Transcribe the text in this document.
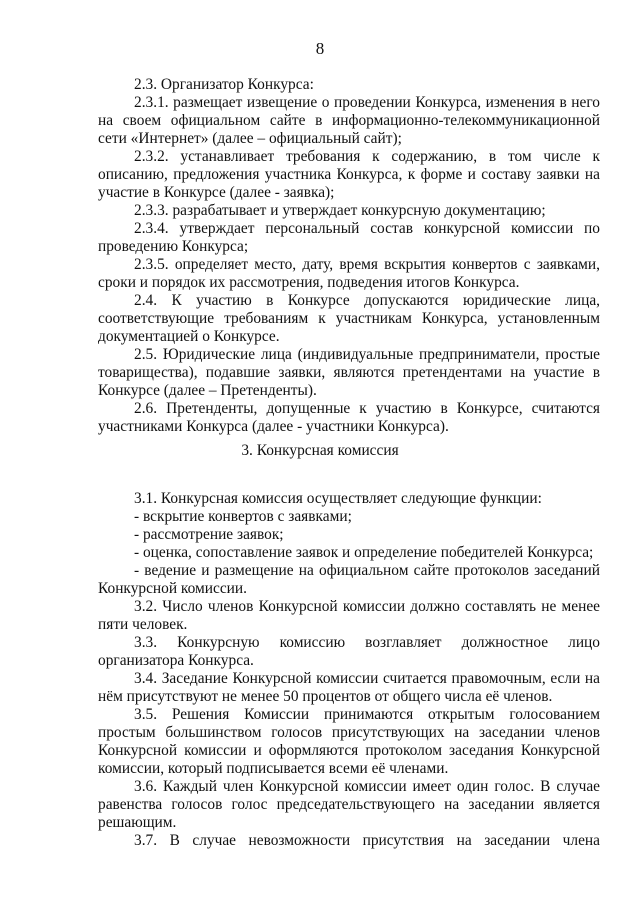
8

2.3. Организатор Конкурса:

2.3.1. размещает извещение о проведении Конкурса, изменения в него на своем официальном сайте в информационно-телекоммуникационной сети «Интернет» (далее – официальный сайт);

2.3.2. устанавливает требования к содержанию, в том числе к описанию, предложения участника Конкурса, к форме и составу заявки на участие в Конкурсе (далее - заявка);

2.3.3. разрабатывает и утверждает конкурсную документацию;

2.3.4. утверждает персональный состав конкурсной комиссии по проведению Конкурса;

2.3.5. определяет место, дату, время вскрытия конвертов с заявками, сроки и порядок их рассмотрения, подведения итогов Конкурса.

2.4. К участию в Конкурсе допускаются юридические лица, соответствующие требованиям к участникам Конкурса, установленным документацией о Конкурсе.

2.5. Юридические лица (индивидуальные предприниматели, простые товарищества), подавшие заявки, являются претендентами на участие в Конкурсе (далее – Претенденты).

2.6. Претенденты, допущенные к участию в Конкурсе, считаются участниками Конкурса (далее - участники Конкурса).

3. Конкурсная комиссия

3.1. Конкурсная комиссия осуществляет следующие функции:

- вскрытие конвертов с заявками;

- рассмотрение заявок;

- оценка, сопоставление заявок и определение победителей Конкурса;

- ведение и размещение на официальном сайте протоколов заседаний Конкурсной комиссии.

3.2. Число членов Конкурсной комиссии должно составлять не менее пяти человек.

3.3. Конкурсную комиссию возглавляет должностное лицо организатора Конкурса.

3.4. Заседание Конкурсной комиссии считается правомочным, если на нём присутствуют не менее 50 процентов от общего числа её членов.

3.5. Решения Комиссии принимаются открытым голосованием простым большинством голосов присутствующих на заседании членов Конкурсной комиссии и оформляются протоколом заседания Конкурсной комиссии, который подписывается всеми её членами.

3.6. Каждый член Конкурсной комиссии имеет один голос. В случае равенства голосов голос председательствующего на заседании является решающим.

3.7. В случае невозможности присутствия на заседании члена
